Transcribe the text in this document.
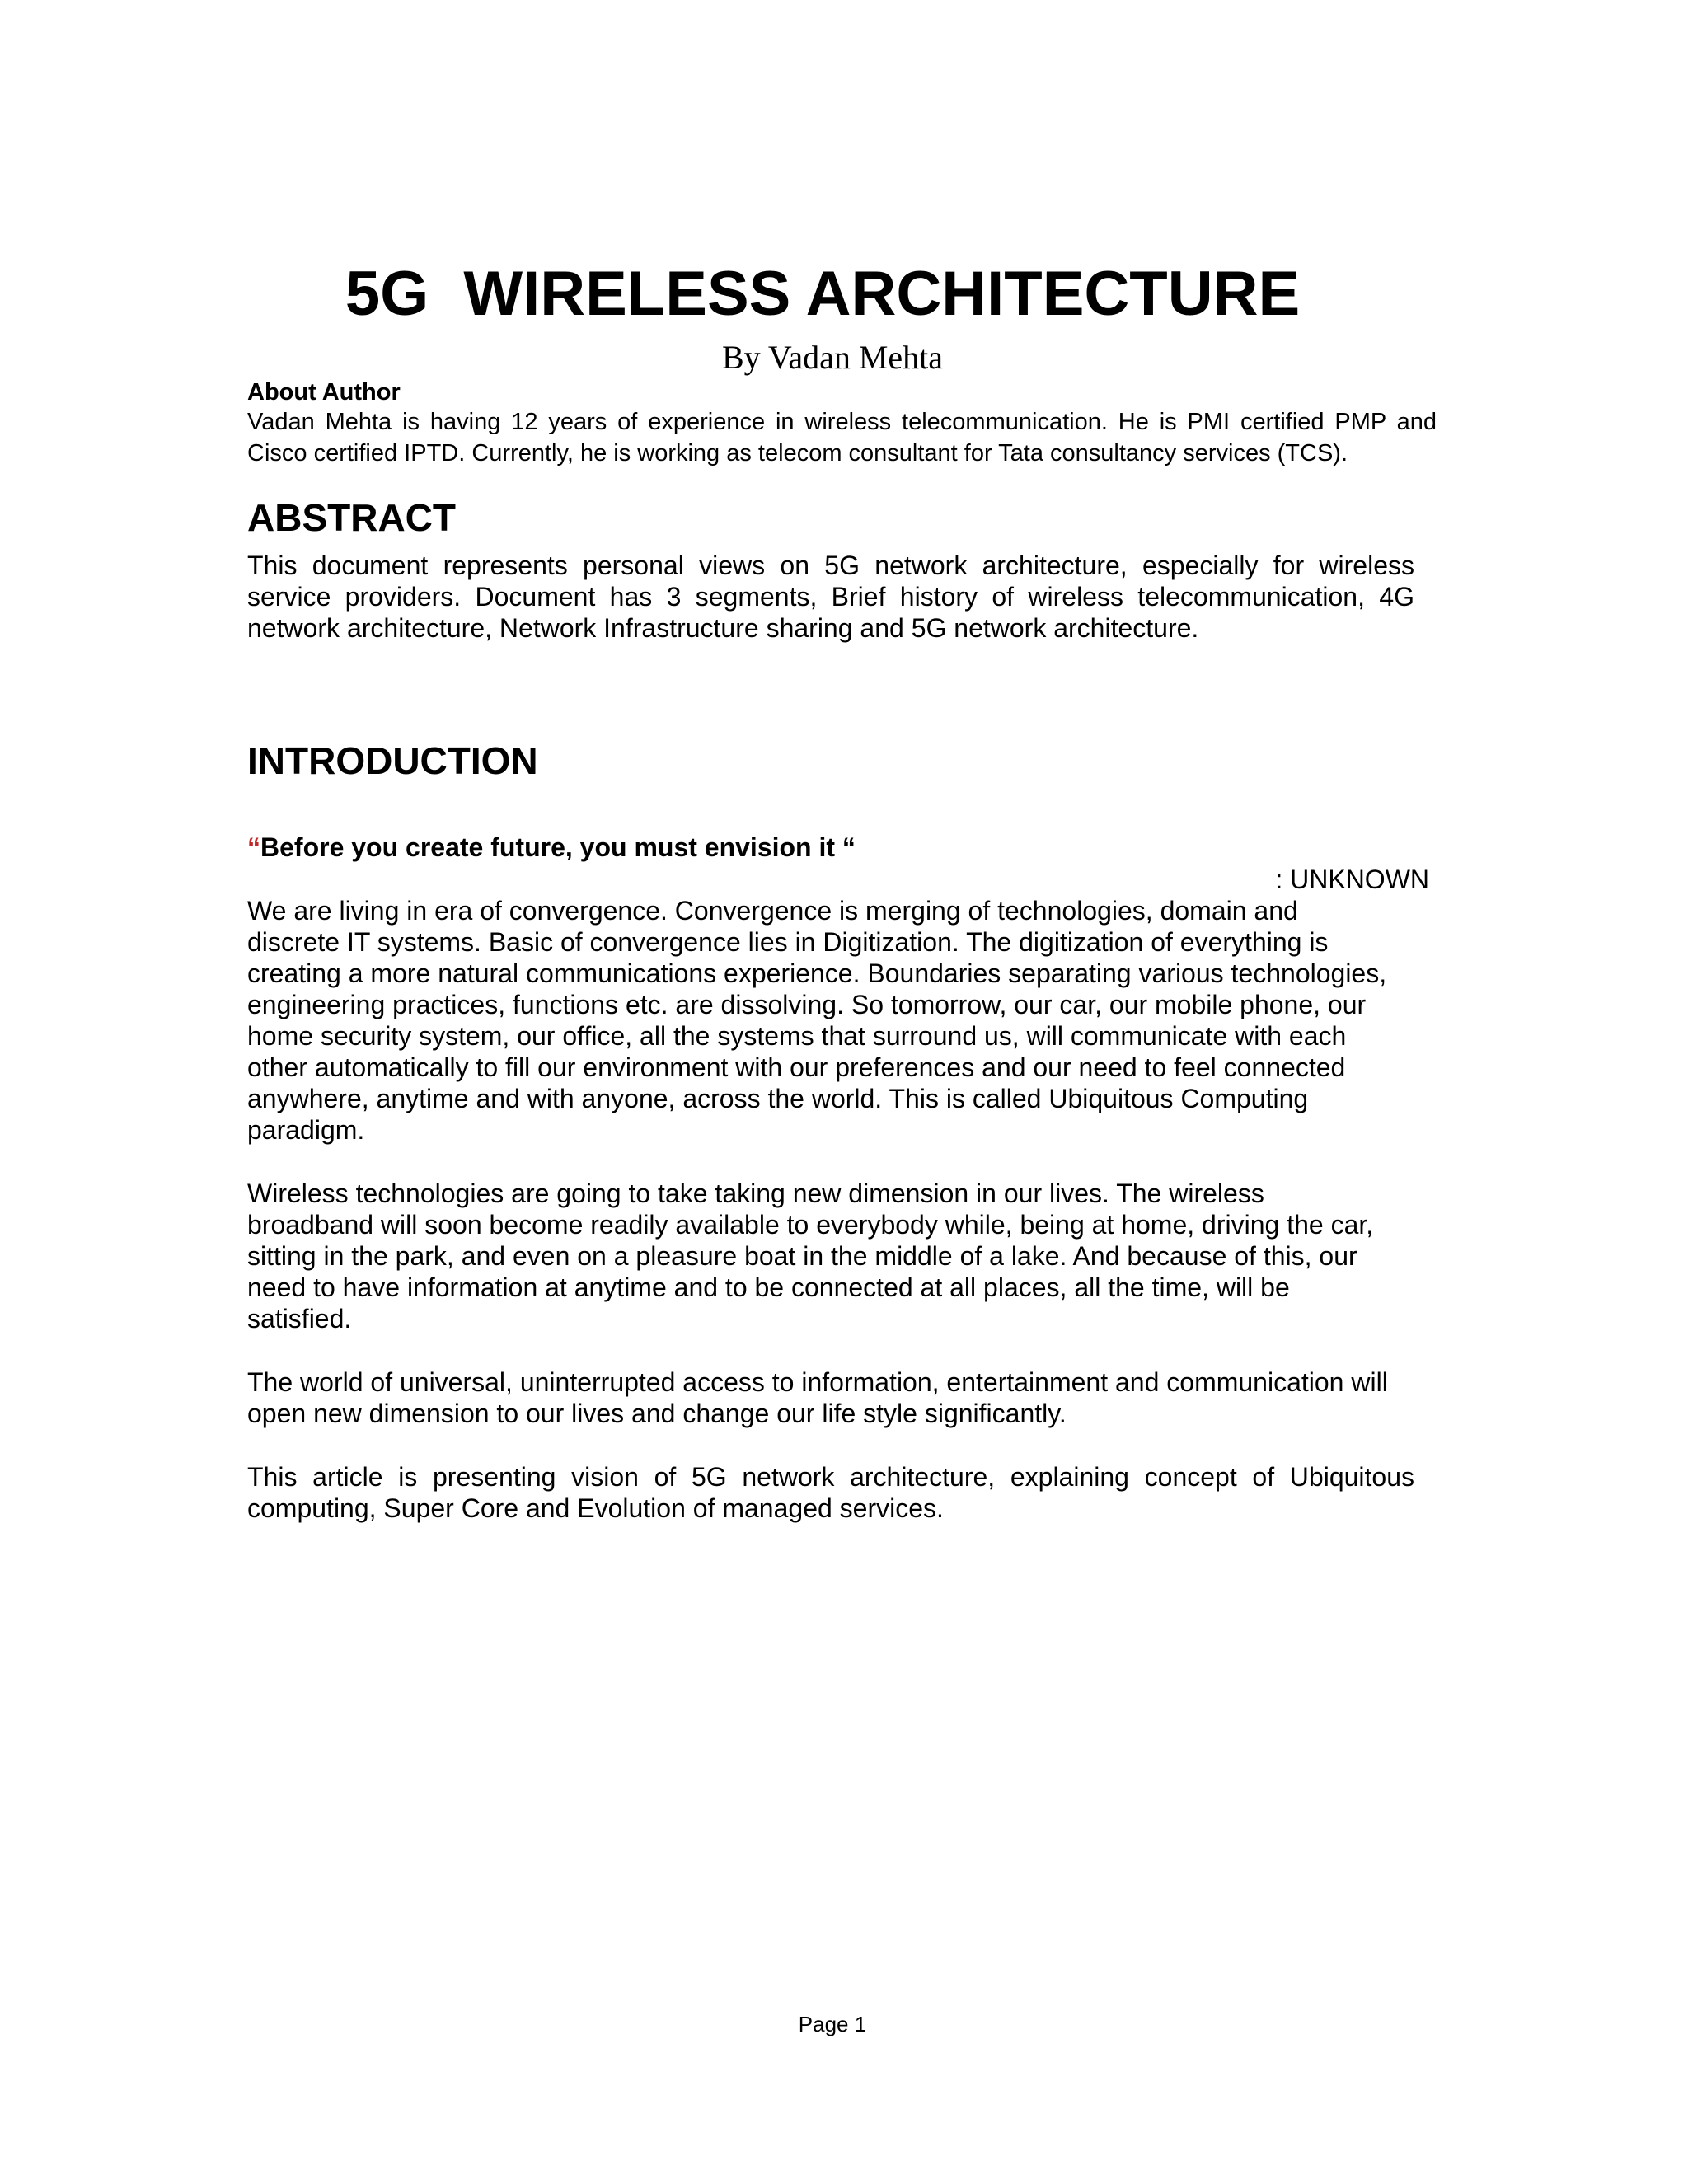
5G  WIRELESS ARCHITECTURE

By Vadan Mehta

About Author

Vadan Mehta is having 12 years of experience in wireless telecommunication. He is PMI certified PMP and Cisco certified IPTD. Currently, he is working as telecom consultant for Tata consultancy services (TCS).

ABSTRACT

This document represents personal views on 5G network architecture, especially for wireless service providers. Document has 3 segments, Brief history of wireless telecommunication, 4G network architecture, Network Infrastructure sharing and 5G network architecture.

INTRODUCTION

“Before you create future, you must envision it “

: UNKNOWN

We are living in era of convergence. Convergence is merging of technologies, domain and
discrete IT systems. Basic of convergence lies in Digitization. The digitization of everything is
creating a more natural communications experience. Boundaries separating various technologies,
engineering practices, functions etc. are dissolving. So tomorrow, our car, our mobile phone, our
home security system, our office, all the systems that surround us, will communicate with each
other automatically to fill our environment with our preferences and our need to feel connected
anywhere, anytime and with anyone, across the world. This is called Ubiquitous Computing
paradigm.

Wireless technologies are going to take taking new dimension in our lives. The wireless
broadband will soon become readily available to everybody while, being at home, driving the car,
sitting in the park, and even on a pleasure boat in the middle of a lake. And because of this, our
need to have information at anytime and to be connected at all places, all the time, will be
satisfied.

The world of universal, uninterrupted access to information, entertainment and communication will
open new dimension to our lives and change our life style significantly.

This article is presenting vision of 5G network architecture, explaining concept of Ubiquitous computing, Super Core and Evolution of managed services.

Page 1
